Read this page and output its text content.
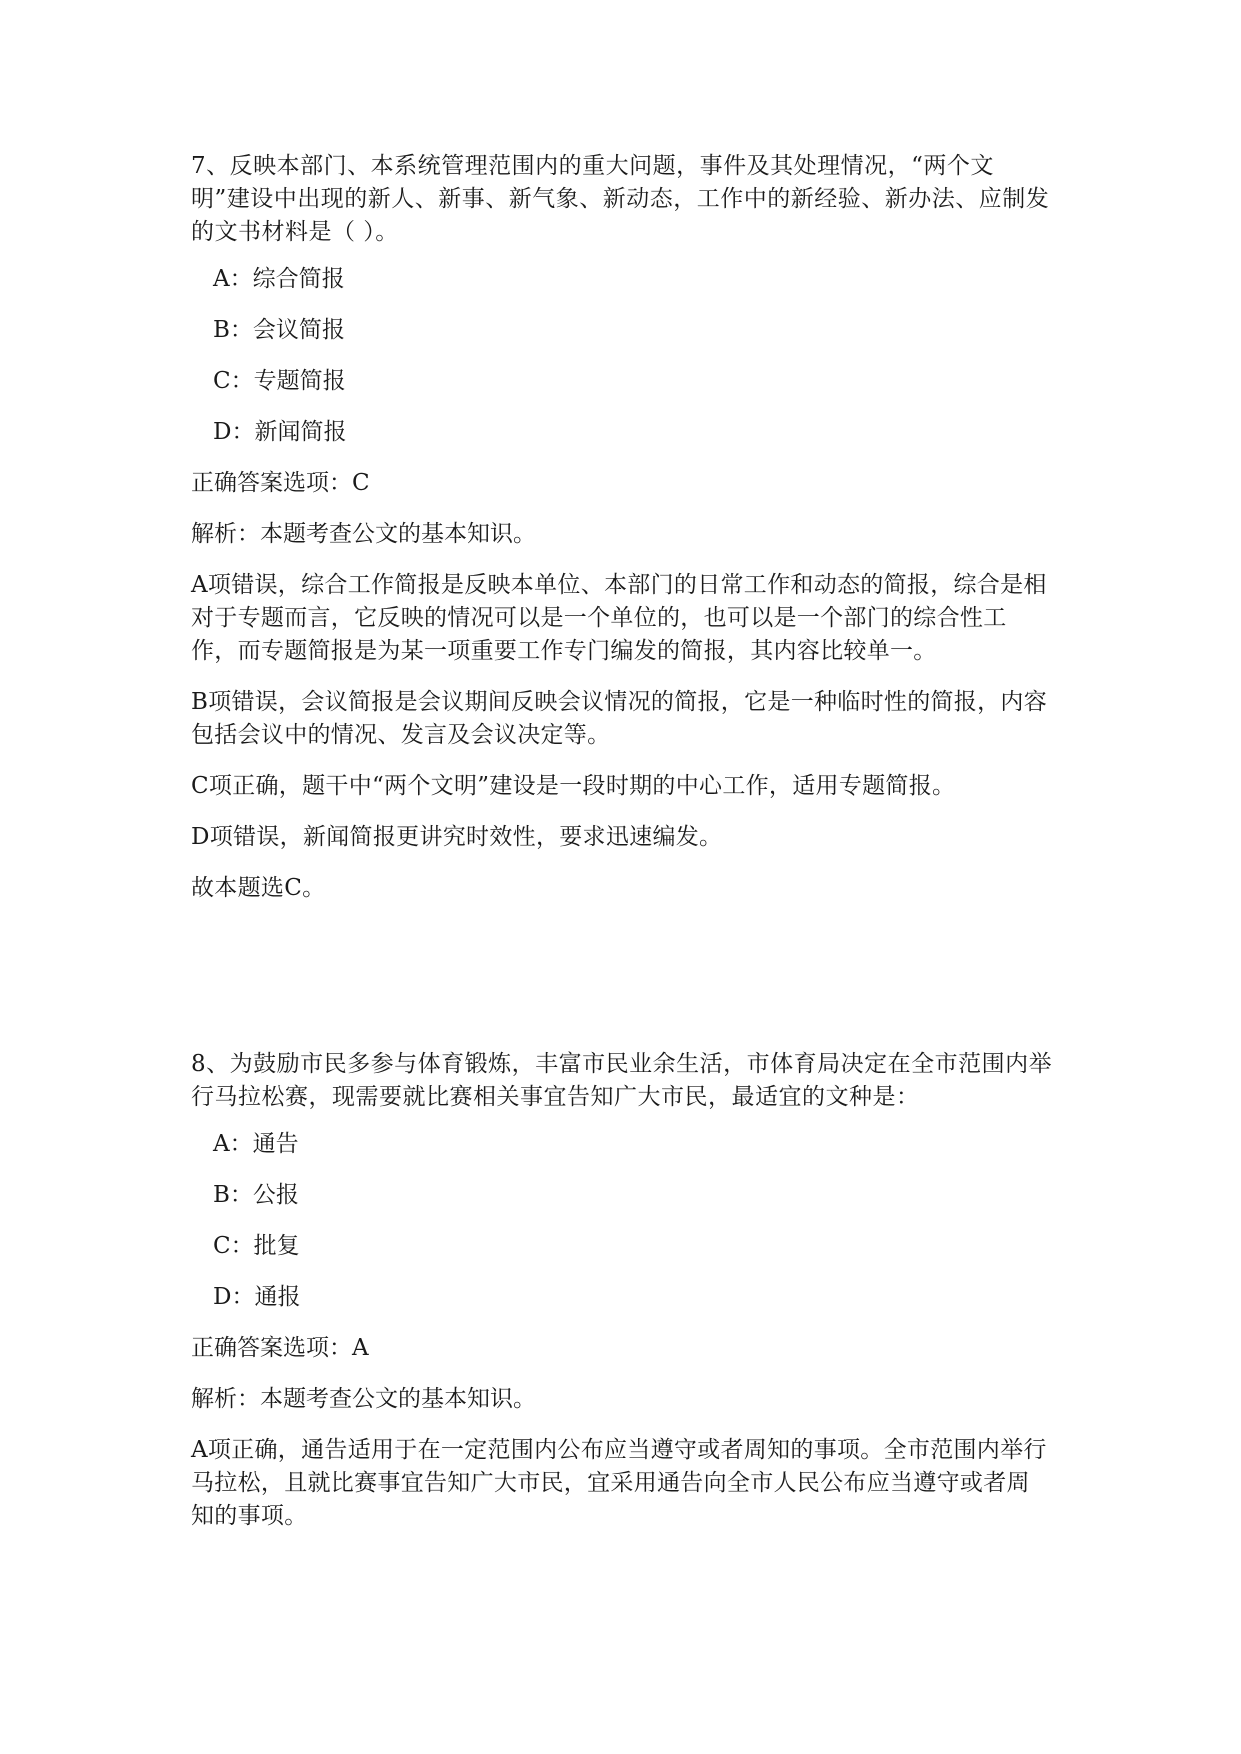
7、反映本部门、本系统管理范围内的重大问题，事件及其处理情况，“两个文明”建设中出现的新人、新事、新气象、新动态，工作中的新经验、新办法、应制发的文书材料是（ ）。

A：综合简报
B：会议简报
C：专题简报
D：新闻简报

正确答案选项：C

解析：本题考查公文的基本知识。

A项错误，综合工作简报是反映本单位、本部门的日常工作和动态的简报，综合是相对于专题而言，它反映的情况可以是一个单位的，也可以是一个部门的综合性工作，而专题简报是为某一项重要工作专门编发的简报，其内容比较单一。

B项错误，会议简报是会议期间反映会议情况的简报，它是一种临时性的简报，内容包括会议中的情况、发言及会议决定等。

C项正确，题干中“两个文明”建设是一段时期的中心工作，适用专题简报。

D项错误，新闻简报更讲究时效性，要求迅速编发。

故本题选C。

8、为鼓励市民多参与体育锻炼，丰富市民业余生活，市体育局决定在全市范围内举行马拉松赛，现需要就比赛相关事宜告知广大市民，最适宜的文种是：

A：通告
B：公报
C：批复
D：通报

正确答案选项：A

解析：本题考查公文的基本知识。

A项正确，通告适用于在一定范围内公布应当遵守或者周知的事项。全市范围内举行马拉松，且就比赛事宜告知广大市民，宜采用通告向全市人民公布应当遵守或者周知的事项。
